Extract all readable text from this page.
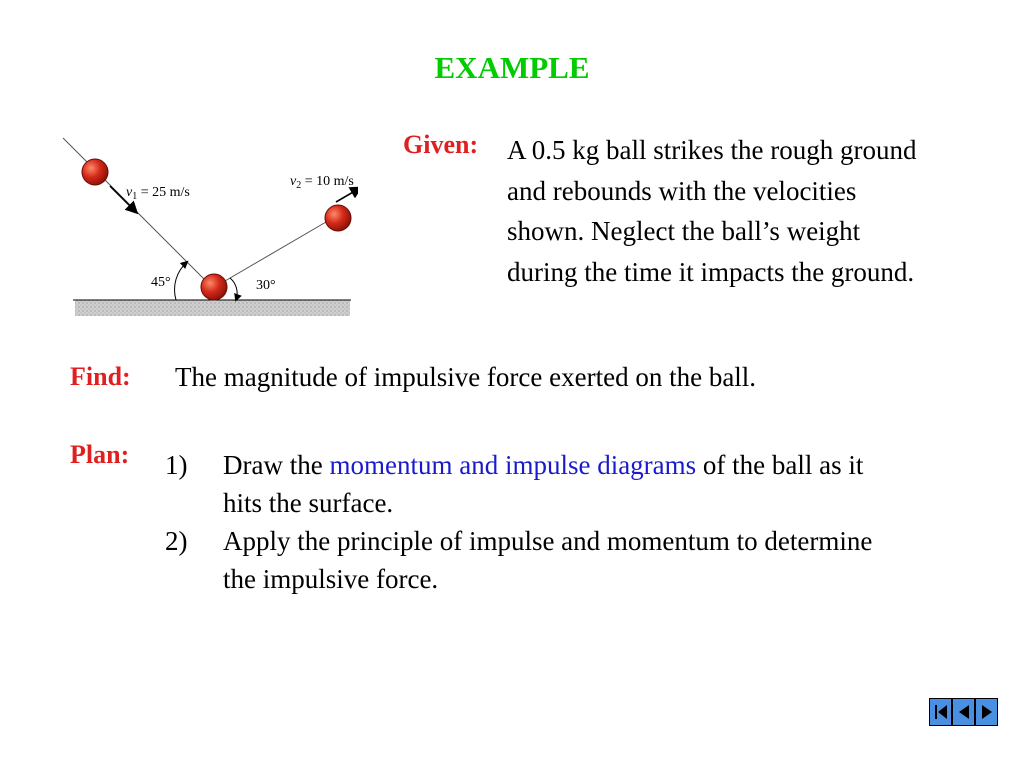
EXAMPLE
$v_1 = 25$ m/s
$v_2 = 10$ m/s
45°	30°
Given: A 0.5 kg ball strikes the rough ground and rebounds with the velocities shown. Neglect the ball’s weight during the time it impacts the ground.
Find: The magnitude of impulsive force exerted on the ball.
Plan: 1)	Draw the momentum and impulse diagrams of the ball as it hits the surface.
2)	Apply the principle of impulse and momentum to determine the impulsive force.
